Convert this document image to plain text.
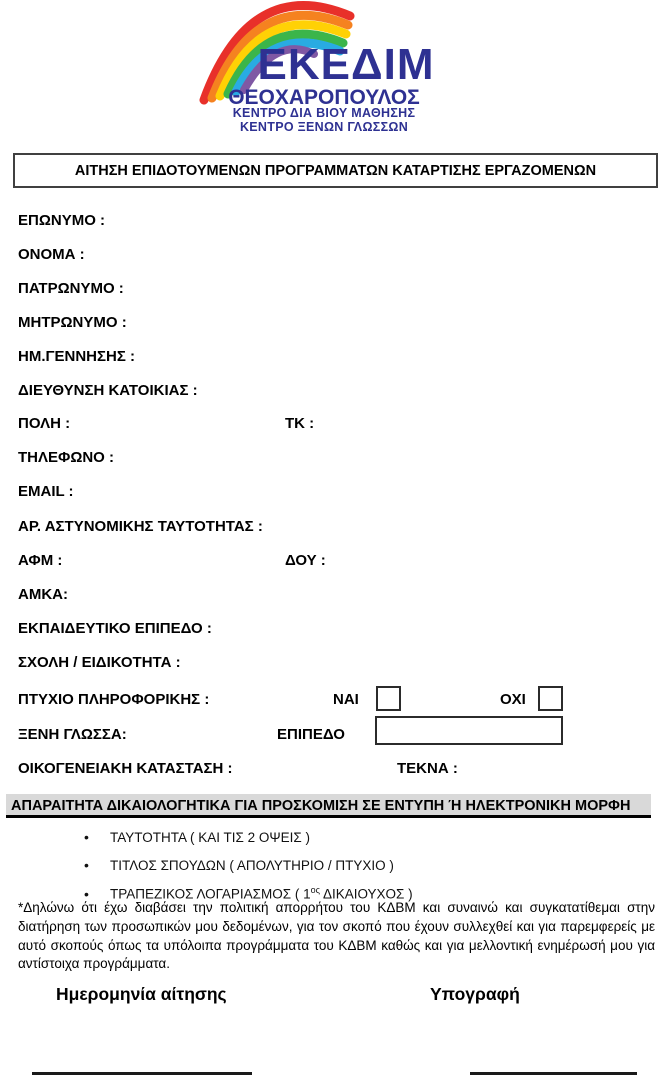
ΕΚΕΔΙΜ
ΘΕΟΧΑΡΟΠΟΥΛΟΣ
ΚΕΝΤΡΟ ΔΙΑ ΒΙΟΥ ΜΑΘΗΣΗΣ
ΚΕΝΤΡΟ ΞΕΝΩΝ ΓΛΩΣΣΩΝ
ΑΙΤΗΣΗ ΕΠΙΔΟΤΟΥΜΕΝΩΝ ΠΡΟΓΡΑΜΜΑΤΩΝ ΚΑΤΑΡΤΙΣΗΣ ΕΡΓΑΖΟΜΕΝΩΝ
ΕΠΩΝΥΜΟ :
ΟΝΟΜΑ :
ΠΑΤΡΩΝΥΜΟ :
ΜΗΤΡΩΝΥΜΟ :
ΗΜ.ΓΕΝΝΗΣΗΣ :
ΔΙΕΥΘΥΝΣΗ ΚΑΤΟΙΚΙΑΣ :
ΠΟΛΗ :	ΤΚ :
ΤΗΛΕΦΩΝΟ :
EMAIL :
ΑΡ. ΑΣΤΥΝΟΜΙΚΗΣ ΤΑΥΤΟΤΗΤΑΣ :
ΑΦΜ :	ΔΟΥ :
ΑΜΚΑ:
ΕΚΠΑΙΔΕΥΤΙΚΟ ΕΠΙΠΕΔΟ :
ΣΧΟΛΗ / ΕΙΔΙΚΟΤΗΤΑ :
ΠΤΥΧΙΟ ΠΛΗΡΟΦΟΡΙΚΗΣ :	ΝΑΙ	ΟΧΙ
ΞΕΝΗ ΓΛΩΣΣΑ:	ΕΠΙΠΕΔΟ
ΟΙΚΟΓΕΝΕΙΑΚΗ ΚΑΤΑΣΤΑΣΗ :	ΤΕΚΝΑ :
ΑΠΑΡΑΙΤΗΤΑ ΔΙΚΑΙΟΛΟΓΗΤΙΚΑ ΓΙΑ ΠΡΟΣΚΟΜΙΣΗ ΣΕ ΕΝΤΥΠΗ Ή ΗΛΕΚΤΡΟΝΙΚΗ ΜΟΡΦΗ
• ΤΑΥΤΟΤΗΤΑ ( ΚΑΙ ΤΙΣ 2 ΟΨΕΙΣ )
• ΤΙΤΛΟΣ ΣΠΟΥΔΩΝ ( ΑΠΟΛΥΤΗΡΙΟ / ΠΤΥΧΙΟ )
• ΤΡΑΠΕΖΙΚΟΣ ΛΟΓΑΡΙΑΣΜΟΣ ( $1^{o\varsigma}$ ΔΙΚΑΙΟΥΧΟΣ )

*Δηλώνω ότι έχω διαβάσει την πολιτική απορρήτου του ΚΔΒΜ και συναινώ και συγκατατίθεμαι στην διατήρηση των προσωπικών μου δεδομένων, για τον σκοπό που έχουν συλλεχθεί και για παρεμφερείς με αυτό σκοπούς όπως τα υπόλοιπα προγράμματα του ΚΔΒΜ καθώς και για μελλοντική ενημέρωσή μου για αντίστοιχα προγράμματα.

Ημερομηνία αίτησης	Υπογραφή
